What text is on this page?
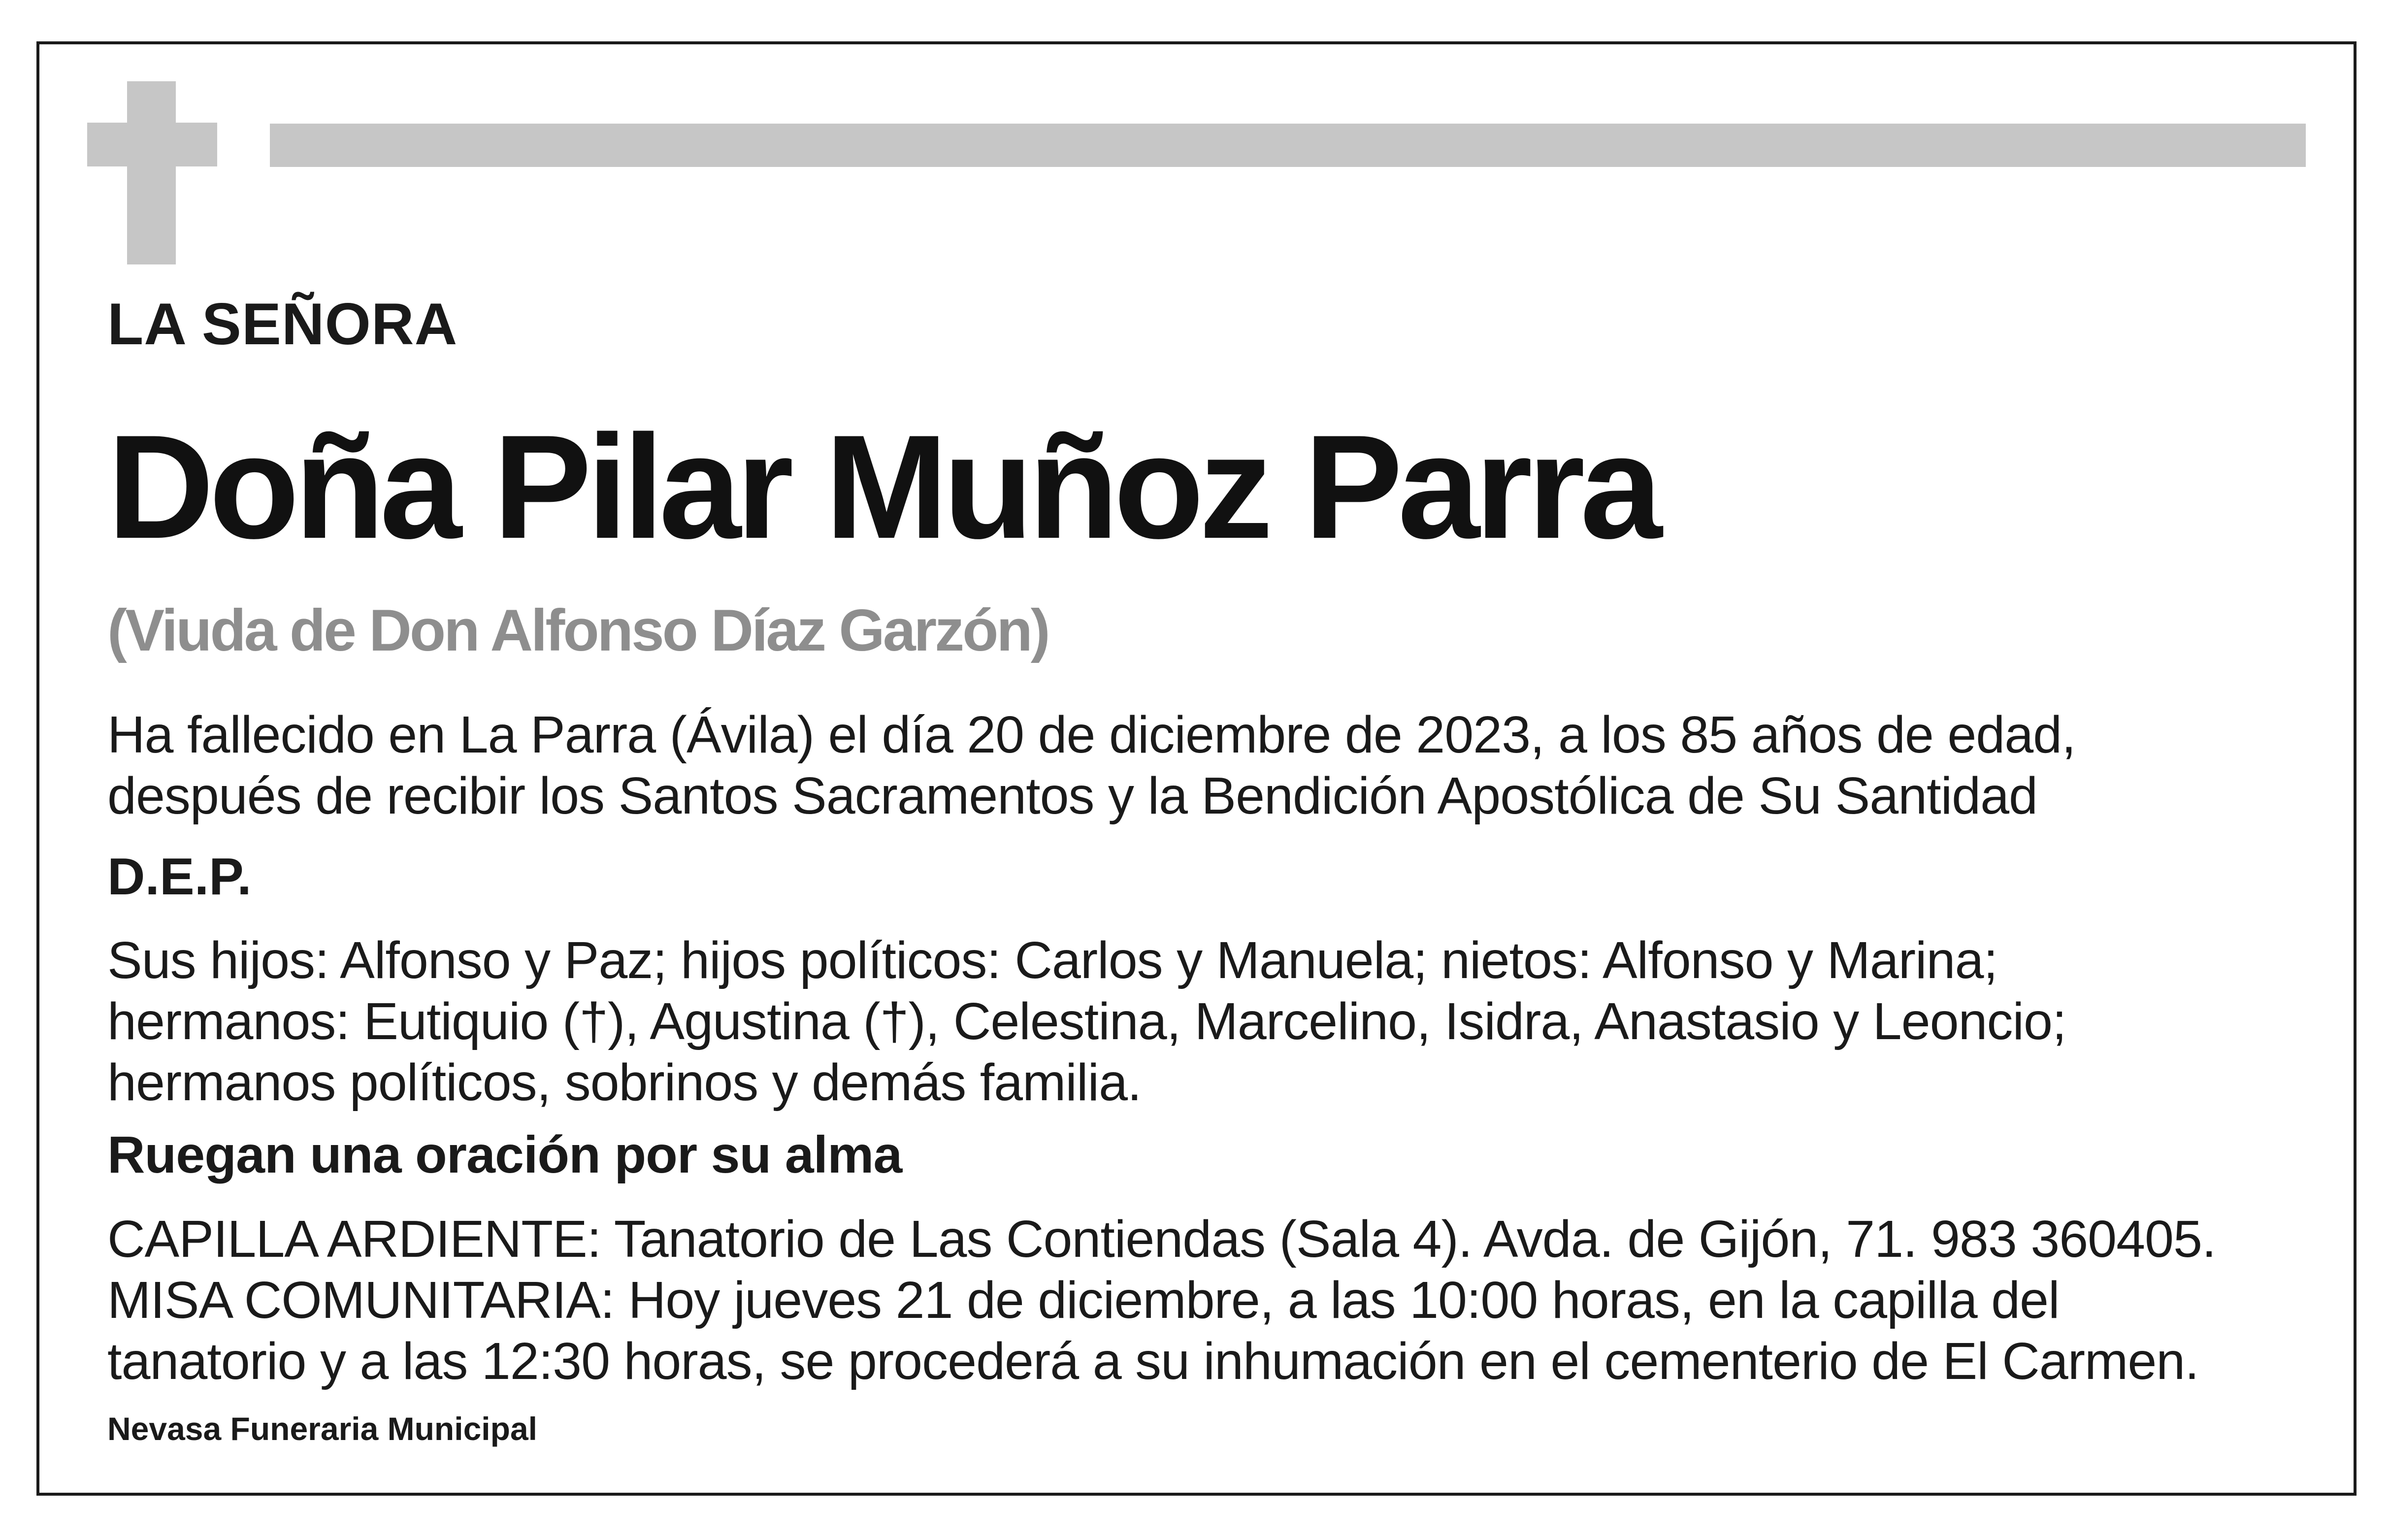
LA SEÑORA

Doña Pilar Muñoz Parra

(Viuda de Don Alfonso Díaz Garzón)

Ha fallecido en La Parra (Ávila) el día 20 de diciembre de 2023, a los 85 años de edad,
después de recibir los Santos Sacramentos y la Bendición Apostólica de Su Santidad

D.E.P.

Sus hijos: Alfonso y Paz; hijos políticos: Carlos y Manuela; nietos: Alfonso y Marina;
hermanos: Eutiquio (†), Agustina (†), Celestina, Marcelino, Isidra, Anastasio y Leoncio;
hermanos políticos, sobrinos y demás familia.

Ruegan una oración por su alma

CAPILLA ARDIENTE: Tanatorio de Las Contiendas (Sala 4). Avda. de Gijón, 71. 983 360405.
MISA COMUNITARIA: Hoy jueves 21 de diciembre, a las 10:00 horas, en la capilla del
tanatorio y a las 12:30 horas, se procederá a su inhumación en el cementerio de El Carmen.

Nevasa Funeraria Municipal
